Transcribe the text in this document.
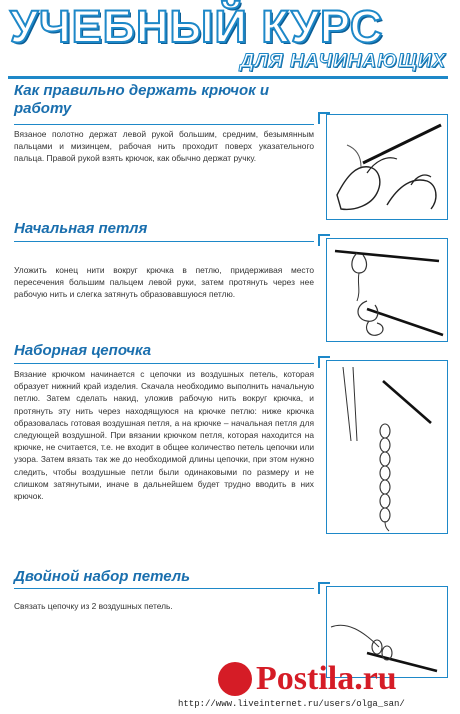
УЧЕБНЫЙ КУРС
ДЛЯ НАЧИНАЮЩИХ
Как правильно держать крючок и работу
Вязаное полотно держат левой рукой большим, средним, безымянным пальцами и мизинцем, рабочая нить проходит поверх указательного пальца. Правой рукой взять крючок, как обычно держат ручку.
Начальная петля
Уложить конец нити вокруг крючка в петлю, придерживая место пересечения большим пальцем левой руки, затем протянуть через нее рабочую нить и слегка затянуть образовавшуюся петлю.
Наборная цепочка
Вязание крючком начинается с цепочки из воздушных петель, которая образует нижний край изделия. Скачала необходимо выполнить начальную петлю. Затем сделать накид, уложив рабочую нить вокруг крючка, и протянуть эту нить через находящуюся на крючке петлю: ниже крючка образовалась готовая воздушная петля, а на крючке – начальная петля для следующей воздушной. При вязании крючком петля, которая находится на крючке, не считается, т.е. не входит в общее количество петель цепочки или узора. Затем вязать так же до необходимой длины цепочки, при этом нужно следить, чтобы воздушные петли были одинаковыми по размеру и не слишком затянутыми, иначе в дальнейшем будет трудно вводить в них крючок.
Двойной набор петель
Связать цепочку из 2 воздушных петель.
Postila.ru
http://www.liveinternet.ru/users/olga_san/
